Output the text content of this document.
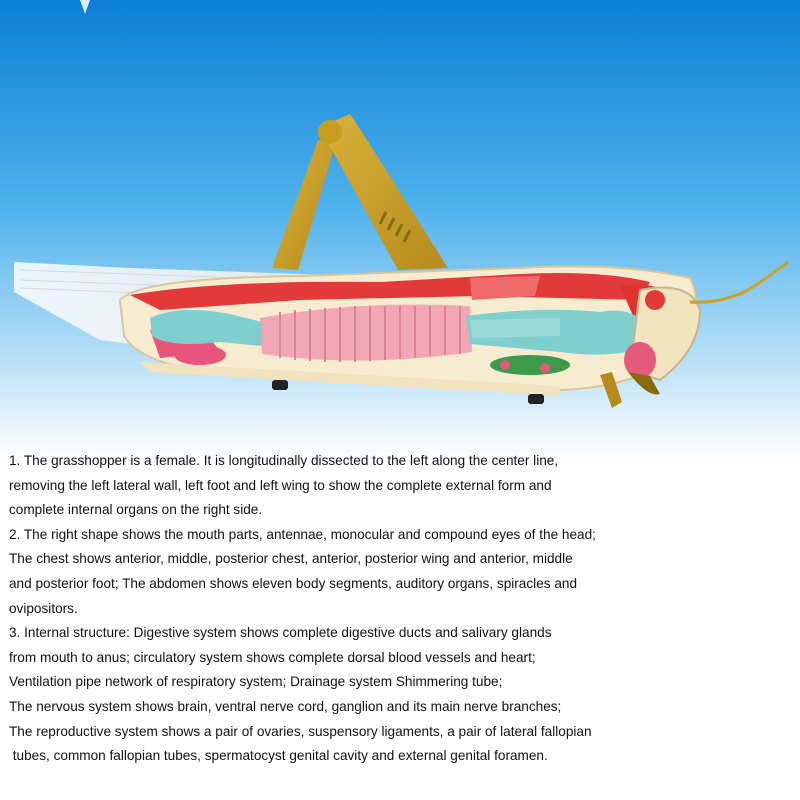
1. The grasshopper is a female. It is longitudinally dissected to the left along the center line,
removing the left lateral wall, left foot and left wing to show the complete external form and
complete internal organs on the right side.
2. The right shape shows the mouth parts, antennae, monocular and compound eyes of the head;
The chest shows anterior, middle, posterior chest, anterior, posterior wing and anterior, middle
and posterior foot; The abdomen shows eleven body segments, auditory organs, spiracles and
ovipositors.
3. Internal structure: Digestive system shows complete digestive ducts and salivary glands
from mouth to anus; circulatory system shows complete dorsal blood vessels and heart;
Ventilation pipe network of respiratory system; Drainage system Shimmering tube;
The nervous system shows brain, ventral nerve cord, ganglion and its main nerve branches;
The reproductive system shows a pair of ovaries, suspensory ligaments, a pair of lateral fallopian
tubes, common fallopian tubes, spermatocyst genital cavity and external genital foramen.
